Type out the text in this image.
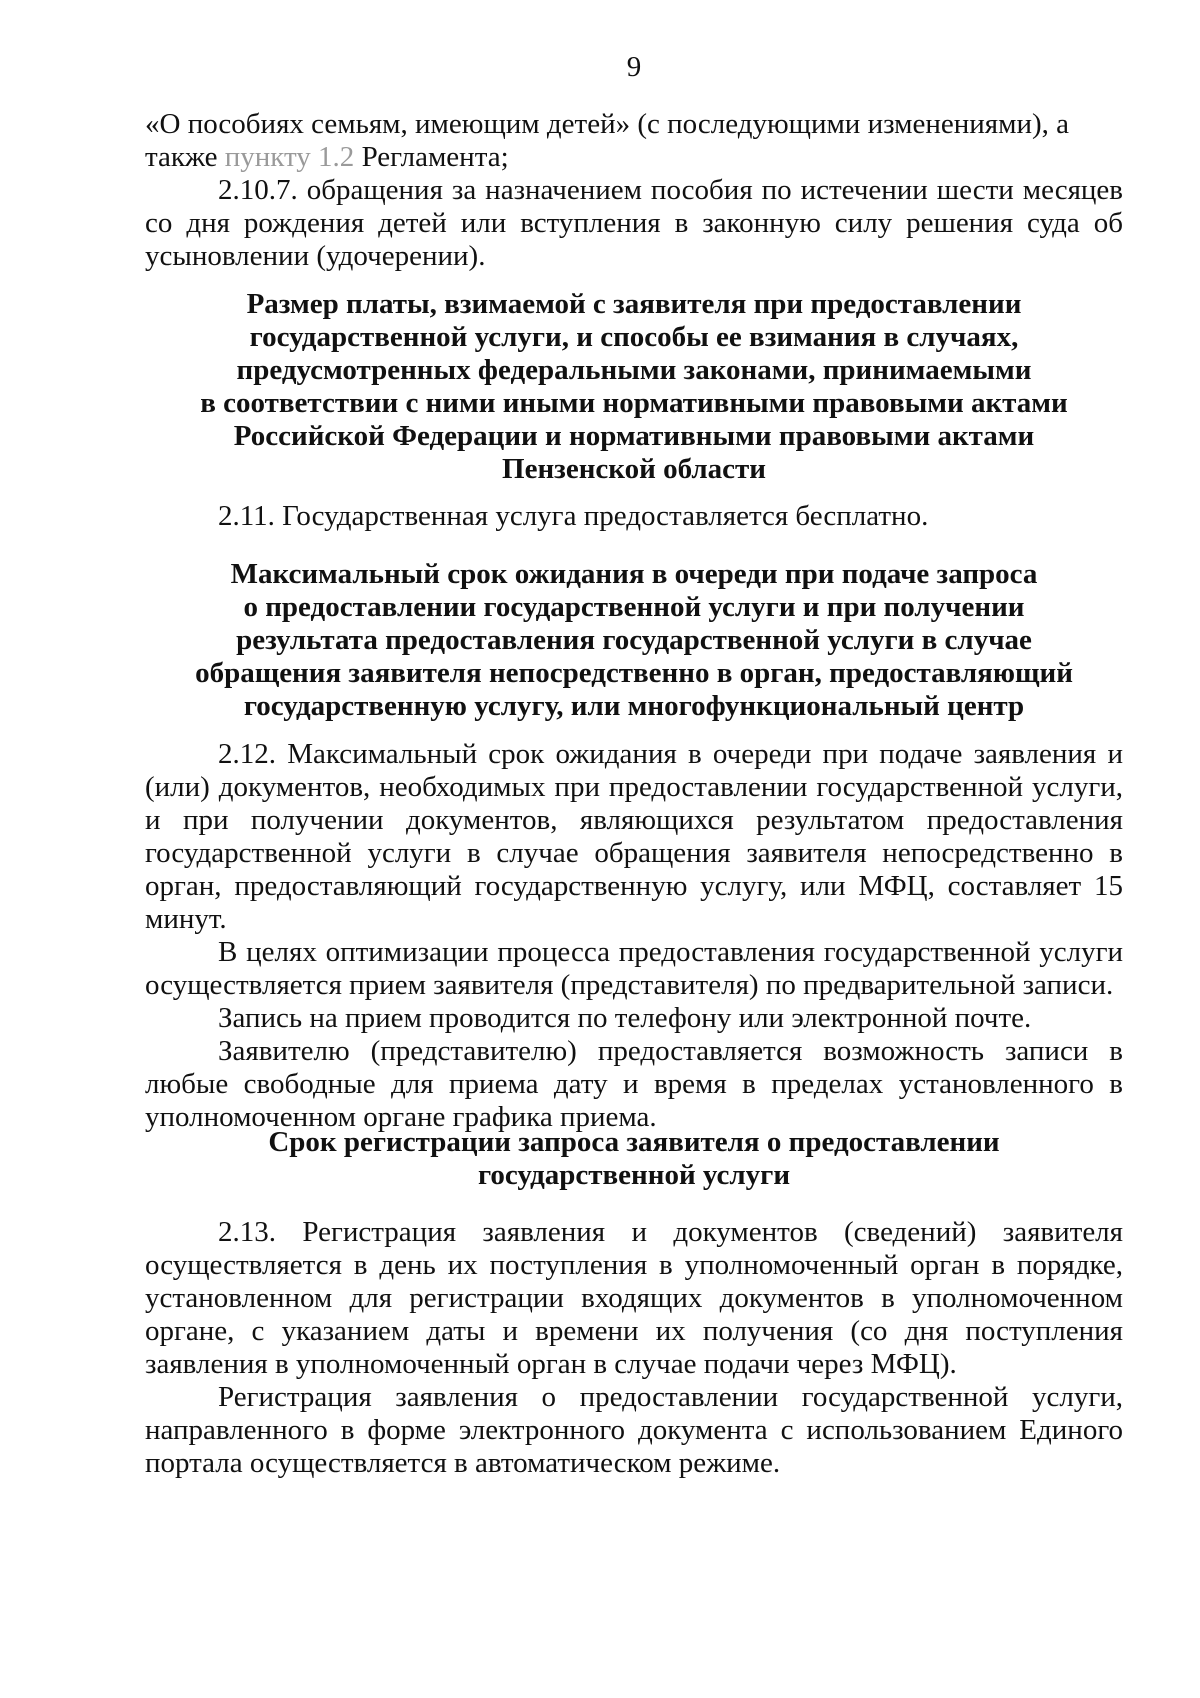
9

«О пособиях семьям, имеющим детей» (с последующими изменениями), а
также пункту 1.2 Регламента;

2.10.7. обращения за назначением пособия по истечении шести месяцев со дня рождения детей или вступления в законную силу решения суда об усыновлении (удочерении).

Размер платы, взимаемой с заявителя при предоставлении
государственной услуги, и способы ее взимания в случаях,
предусмотренных федеральными законами, принимаемыми
в соответствии с ними иными нормативными правовыми актами
Российской Федерации и нормативными правовыми актами
Пензенской области

2.11. Государственная услуга предоставляется бесплатно.

Максимальный срок ожидания в очереди при подаче запроса
о предоставлении государственной услуги и при получении
результата предоставления государственной услуги в случае
обращения заявителя непосредственно в орган, предоставляющий
государственную услугу, или многофункциональный центр

2.12. Максимальный срок ожидания в очереди при подаче заявления и (или) документов, необходимых при предоставлении государственной услуги, и при получении документов, являющихся результатом предоставления государственной услуги в случае обращения заявителя непосредственно в орган, предоставляющий государственную услугу, или МФЦ, составляет 15 минут.

В целях оптимизации процесса предоставления государственной услуги осуществляется прием заявителя (представителя) по предварительной записи.

Запись на прием проводится по телефону или электронной почте.

Заявителю (представителю) предоставляется возможность записи в любые свободные для приема дату и время в пределах установленного в уполномоченном органе графика приема.

Срок регистрации запроса заявителя о предоставлении
государственной услуги

2.13. Регистрация заявления и документов (сведений) заявителя осуществляется в день их поступления в уполномоченный орган в порядке, установленном для регистрации входящих документов в уполномоченном органе, с указанием даты и времени их получения (со дня поступления заявления в уполномоченный орган в случае подачи через МФЦ).

Регистрация заявления о предоставлении государственной услуги, направленного в форме электронного документа с использованием Единого портала осуществляется в автоматическом режиме.
